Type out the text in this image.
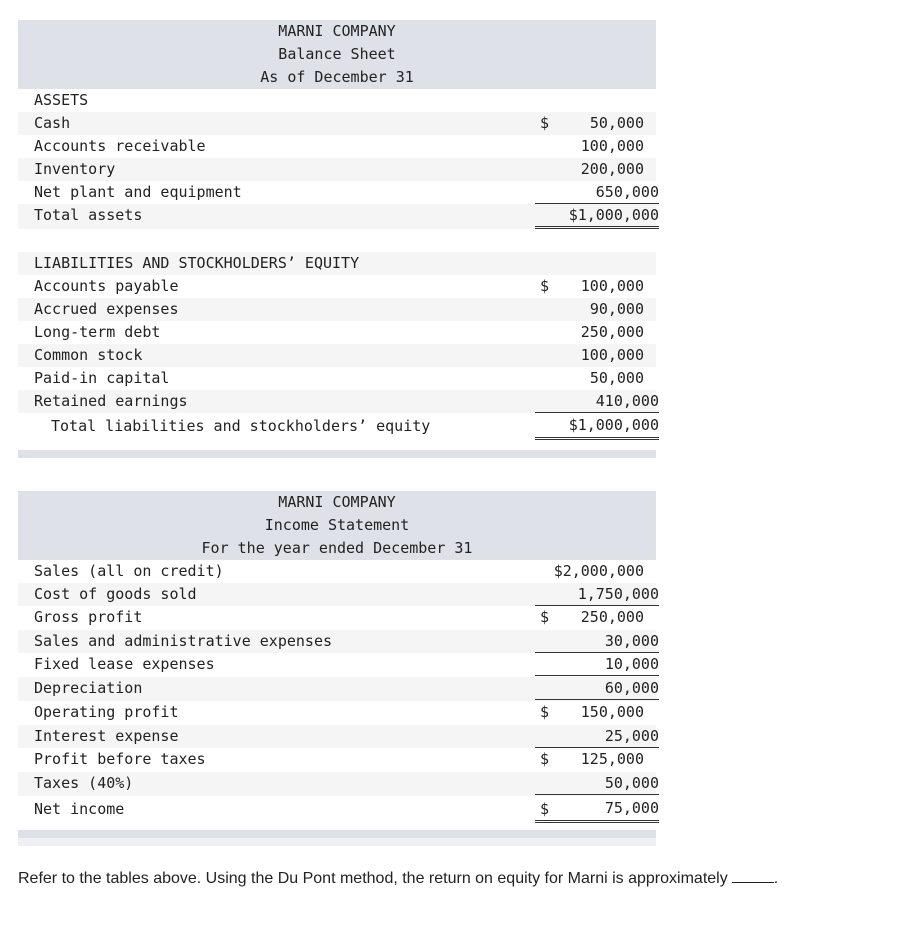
MARNI COMPANY
Balance Sheet
As of December 31
ASSETS
Cash	$	50,000
Accounts receivable	100,000
Inventory	200,000
Net plant and equipment	650,000
Total assets	$1,000,000
LIABILITIES AND STOCKHOLDERS’ EQUITY
Accounts payable	$ 100,000
Accrued expenses	90,000
Long-term debt	250,000
Common stock	100,000
Paid-in capital	50,000
Retained earnings	410,000
Total liabilities and stockholders’ equity	$1,000,000
MARNI COMPANY
Income Statement
For the year ended December 31
Sales (all on credit)	$2,000,000
Cost of goods sold	1,750,000
Gross profit	$ 250,000
Sales and administrative expenses	30,000
Fixed lease expenses	10,000
Depreciation	60,000
Operating profit	$ 150,000
Interest expense	25,000
Profit before taxes	$ 125,000
Taxes (40%)	50,000
Net income	$	75,000
Refer to the tables above. Using the Du Pont method, the return on equity for Marni is approximately	.
